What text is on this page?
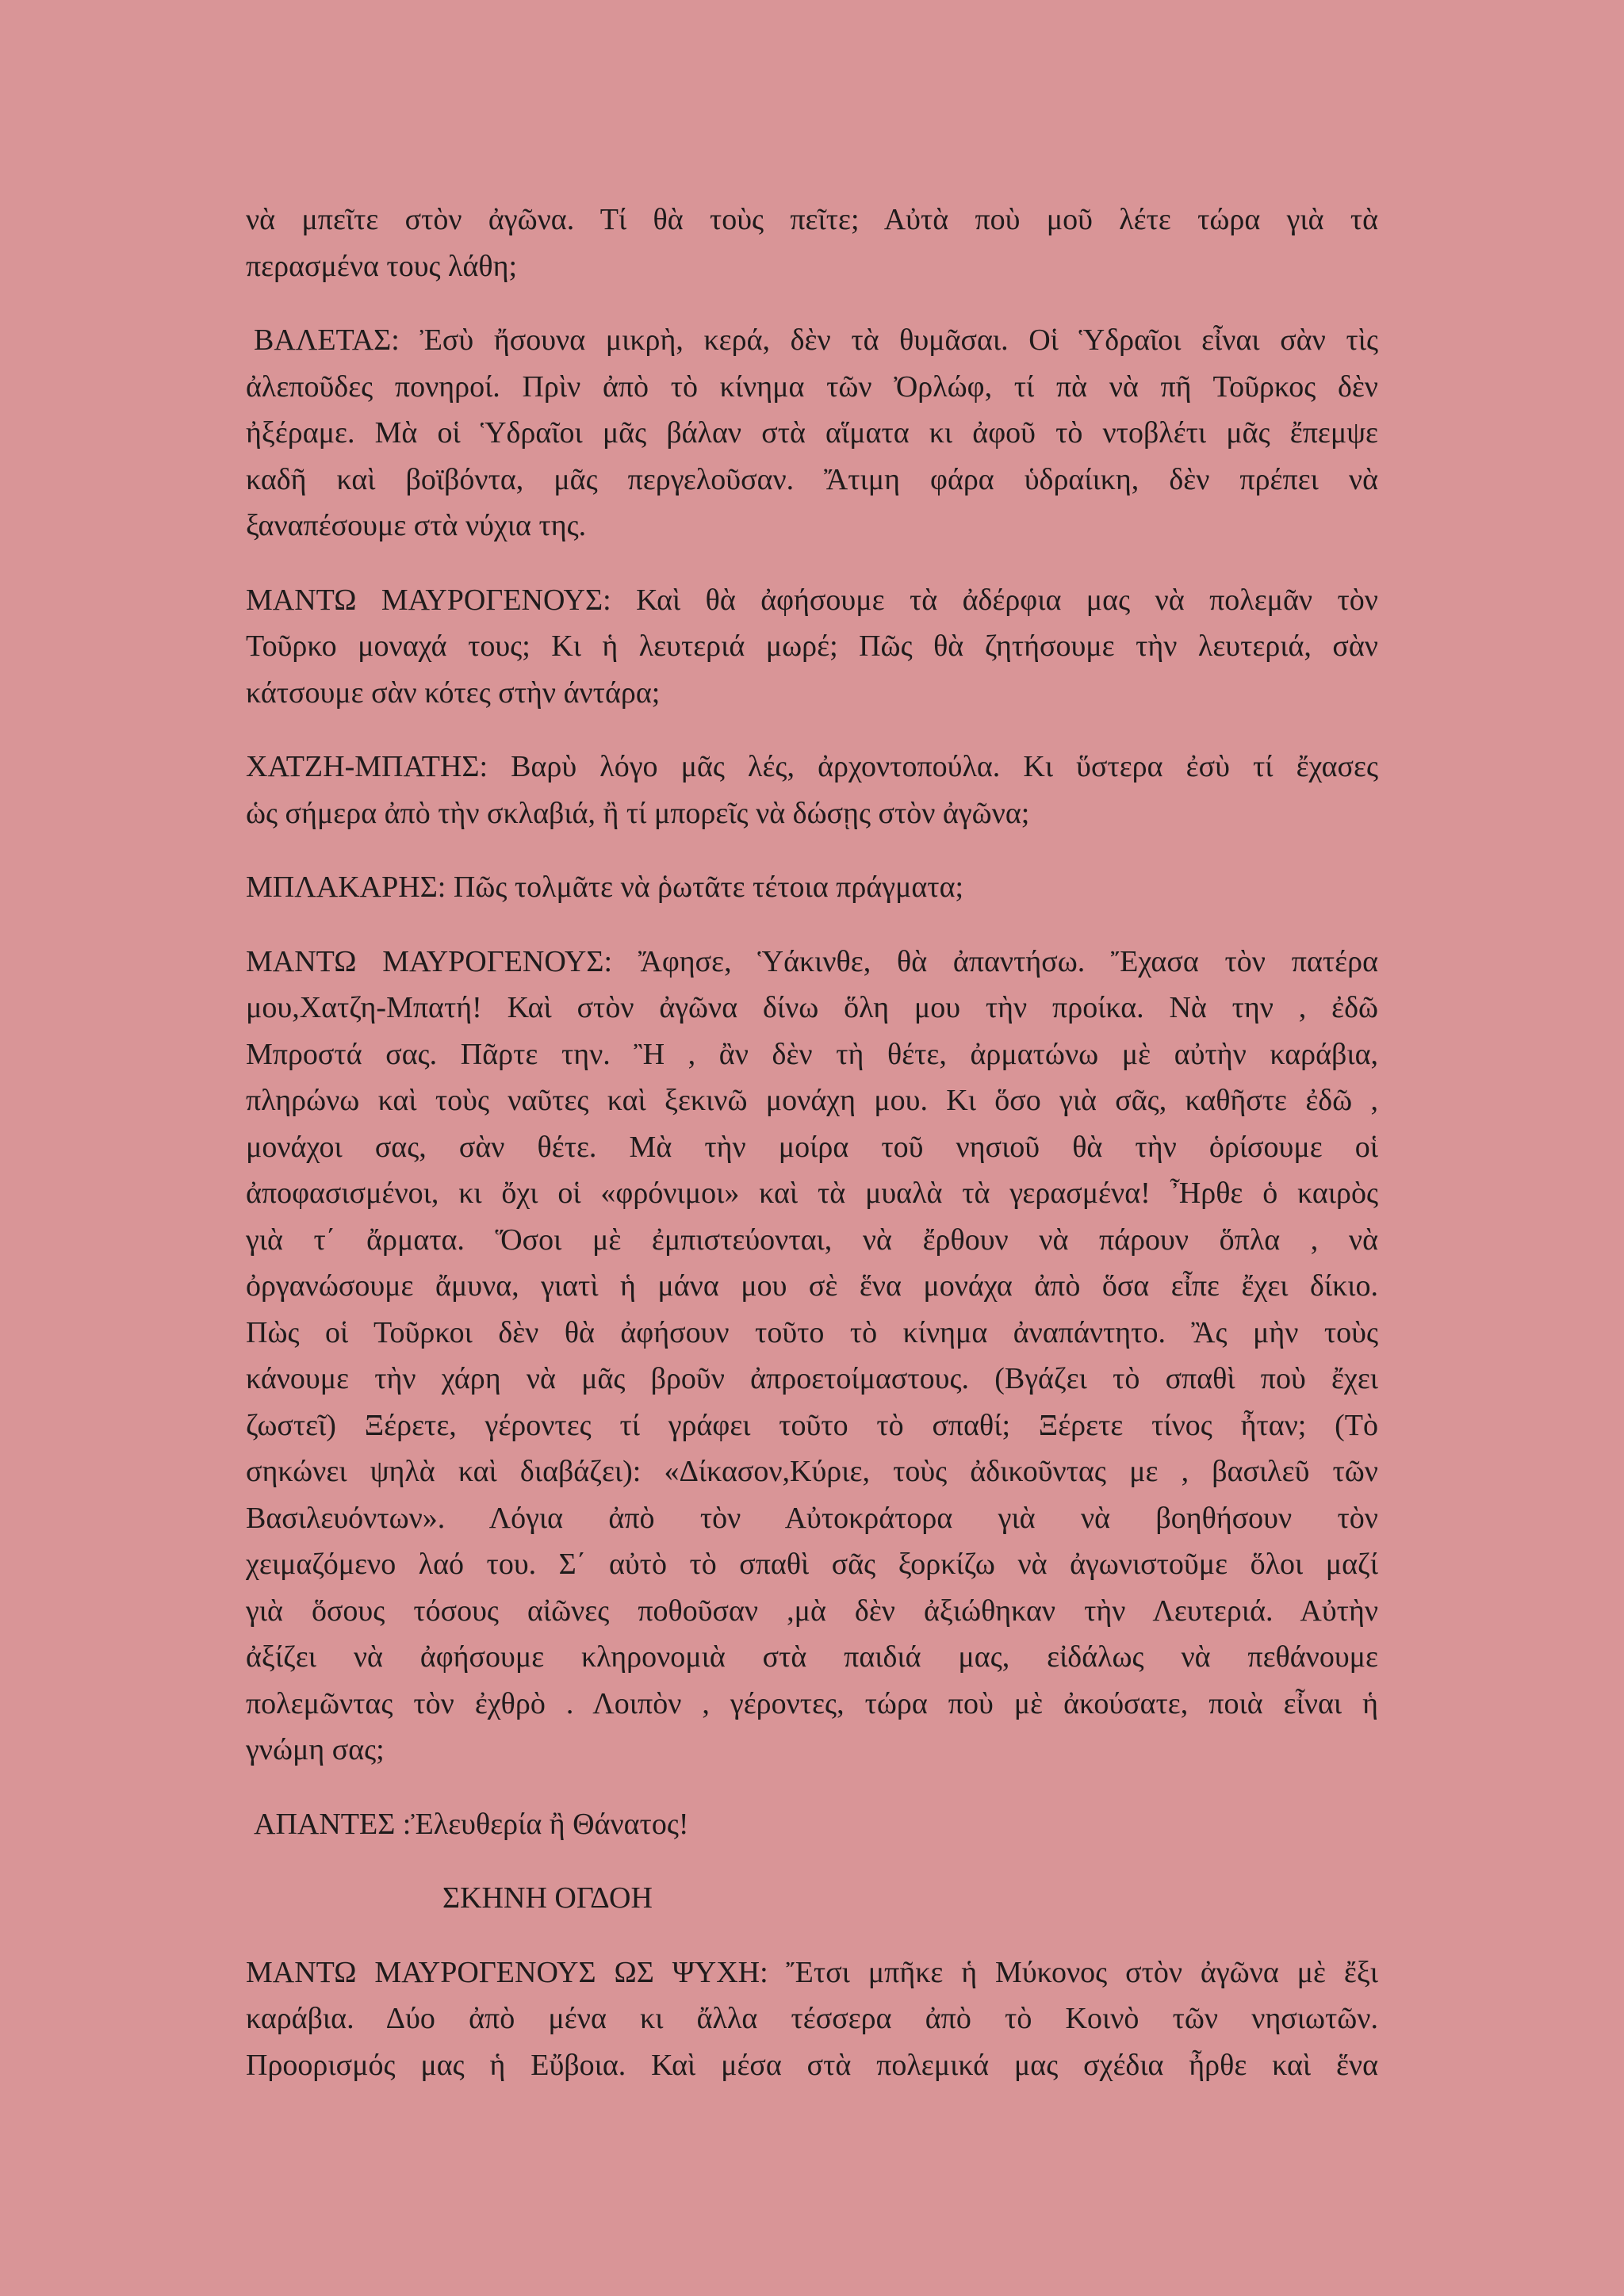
νὰ μπεῖτε στὸν ἀγῶνα. Τί θὰ τοὺς πεῖτε; Αὐτὰ ποὺ μοῦ λέτε τώρα γιὰ τὰ
περασμένα τους λάθη;
ΒΑΛΕΤΑΣ: Ἐσὺ ἤσουνα μικρὴ, κερά, δὲν τὰ θυμᾶσαι. Οἱ Ὑδραῖοι εἶναι σὰν τὶς
ἀλεποῦδες πονηροί. Πρὶν ἀπὸ τὸ κίνημα τῶν Ὀρλώφ, τί πὰ νὰ πῆ Τοῦρκος δὲν
ἠξέραμε. Μὰ οἱ Ὑδραῖοι μᾶς βάλαν στὰ αἵματα κι ἀφοῦ τὸ ντοβλέτι μᾶς ἔπεμψε
καδῆ καὶ βοϊβόντα, μᾶς περγελοῦσαν. Ἄτιμη φάρα ὑδραίικη, δὲν πρέπει νὰ
ξαναπέσουμε στὰ νύχια της.
ΜΑΝΤΩ ΜΑΥΡΟΓΕΝΟΥΣ: Καὶ θὰ ἀφήσουμε τὰ ἀδέρφια μας νὰ πολεμᾶν τὸν
Τοῦρκο μοναχά τους; Κι ἡ λευτεριά μωρέ; Πῶς θὰ ζητήσουμε τὴν λευτεριά, σὰν
κάτσουμε σὰν κότες στὴν άντάρα;
ΧΑΤΖΗ-ΜΠΑΤΗΣ: Βαρὺ λόγο μᾶς λές, ἀρχοντοπούλα. Κι ὕστερα ἐσὺ τί ἔχασες
ὡς σήμερα ἀπὸ τὴν σκλαβιά, ἢ τί μπορεῖς νὰ δώσῃς στὸν ἀγῶνα;
ΜΠΛΑΚΑΡΗΣ: Πῶς τολμᾶτε νὰ ῥωτᾶτε τέτοια πράγματα;
ΜΑΝΤΩ ΜΑΥΡΟΓΕΝΟΥΣ: Ἄφησε, Ὑάκινθε, θὰ ἀπαντήσω. Ἔχασα τὸν πατέρα
μου,Χατζη-Μπατή! Καὶ στὸν ἀγῶνα δίνω ὅλη μου τὴν προίκα. Νὰ την , ἐδῶ
Μπροστά σας. Πᾶρτε την. Ἢ , ἂν δὲν τὴ θέτε, ἀρματώνω μὲ αὐτὴν καράβια,
πληρώνω καὶ τοὺς ναῦτες καὶ ξεκινῶ μονάχη μου. Κι ὅσο γιὰ σᾶς, καθῆστε ἐδῶ ,
μονάχοι σας, σὰν θέτε. Μὰ τὴν μοίρα τοῦ νησιοῦ θὰ τὴν ὁρίσουμε οἱ
ἀποφασισμένοι, κι ὄχι οἱ «φρόνιμοι» καὶ τὰ μυαλὰ τὰ γερασμένα! Ἦρθε ὁ καιρὸς
γιὰ τ΄ ἄρματα. Ὅσοι μὲ ἐμπιστεύονται, νὰ ἔρθουν νὰ πάρουν ὅπλα , νὰ
ὀργανώσουμε ἄμυνα, γιατὶ ἡ μάνα μου σὲ ἕνα μονάχα ἀπὸ ὅσα εἶπε ἔχει δίκιο.
Πὼς οἱ Τοῦρκοι δὲν θὰ ἀφήσουν τοῦτο τὸ κίνημα ἀναπάντητο. Ἂς μὴν τοὺς
κάνουμε τὴν χάρη νὰ μᾶς βροῦν ἀπροετοίμαστους. (Βγάζει τὸ σπαθὶ ποὺ ἔχει
ζωστεῖ) Ξέρετε, γέροντες τί γράφει τοῦτο τὸ σπαθί; Ξέρετε τίνος ἦταν; (Τὸ
σηκώνει ψηλὰ καὶ διαβάζει): «Δίκασον,Κύριε, τοὺς ἀδικοῦντας με , βασιλεῦ τῶν
Βασιλευόντων». Λόγια ἀπὸ τὸν Αὐτοκράτορα γιὰ νὰ βοηθήσουν τὸν
χειμαζόμενο λαό του. Σ΄ αὐτὸ τὸ σπαθὶ σᾶς ξορκίζω νὰ ἀγωνιστοῦμε ὅλοι μαζί
γιὰ ὅσους τόσους αἰῶνες ποθοῦσαν ,μὰ δὲν ἀξιώθηκαν τὴν Λευτεριά. Αὐτὴν
ἀξίζει νὰ ἀφήσουμε κληρονομιὰ στὰ παιδιά μας, εἰδάλως νὰ πεθάνουμε
πολεμῶντας τὸν ἐχθρὸ . Λοιπὸν , γέροντες, τώρα ποὺ μὲ ἀκούσατε, ποιὰ εἶναι ἡ
γνώμη σας;
ΑΠΑΝΤΕΣ :Ἐλευθερία ἢ Θάνατος!
ΣΚΗΝΗ ΟΓΔΟΗ
ΜΑΝΤΩ ΜΑΥΡΟΓΕΝΟΥΣ ΩΣ ΨΥΧΗ: Ἔτσι μπῆκε ἡ Μύκονος στὸν ἀγῶνα μὲ ἔξι
καράβια. Δύο ἀπὸ μένα κι ἄλλα τέσσερα ἀπὸ τὸ Κοινὸ τῶν νησιωτῶν.
Προορισμός μας ἡ Εὔβοια. Καὶ μέσα στὰ πολεμικά μας σχέδια ἦρθε καὶ ἕνα
